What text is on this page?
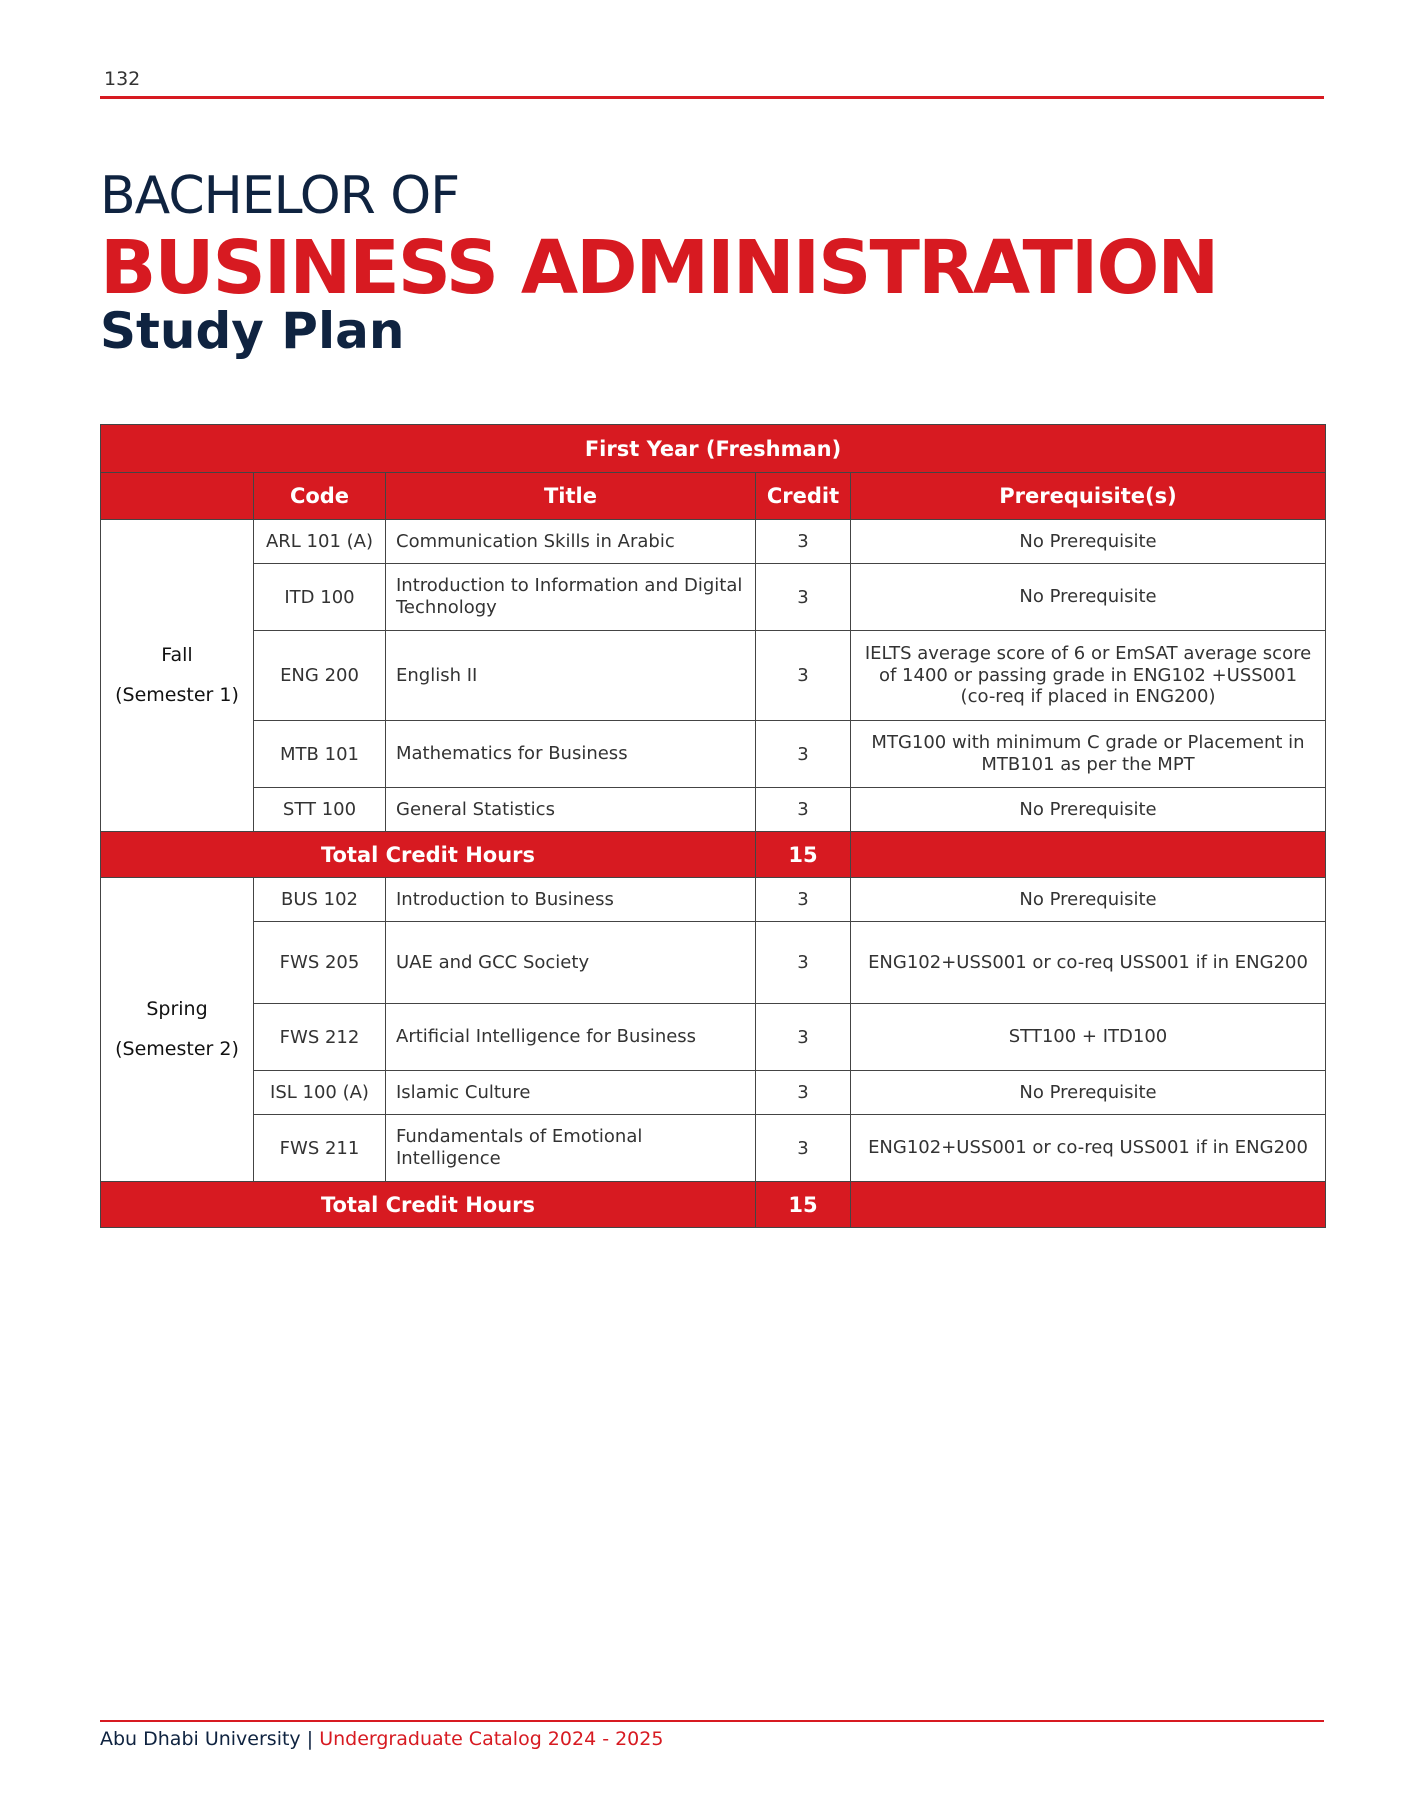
132
BACHELOR OF
BUSINESS ADMINISTRATION
Study Plan
First Year (Freshman)				
	Code	Title	Credit	Prerequisite(s)

Fall
(Semester 1)	ARL 101 (A)	Communication Skills in Arabic	3	No Prerequisite
	ITD 100	Introduction to Information and Digital Technology	3	No Prerequisite
	ENG 200	English II	3	IELTS average score of 6 or EmSAT average score of 1400 or passing grade in ENG102 +USS001 (co-req if placed in ENG200)
	MTB 101	Mathematics for Business	3	MTG100 with minimum C grade or Placement in MTB101 as per the MPT
	STT 100	General Statistics	3	No Prerequisite
Total Credit Hours			15	

Spring
(Semester 2)	BUS 102	Introduction to Business	3	No Prerequisite
	FWS 205	UAE and GCC Society	3	ENG102+USS001 or co-req USS001 if in ENG200
	FWS 212	Artificial Intelligence for Business	3	STT100 + ITD100
	ISL 100 (A)	Islamic Culture	3	No Prerequisite
	FWS 211	Fundamentals of Emotional Intelligence	3	ENG102+USS001 or co-req USS001 if in ENG200
Total Credit Hours			15	
Abu Dhabi University | Undergraduate Catalog 2024 - 2025
